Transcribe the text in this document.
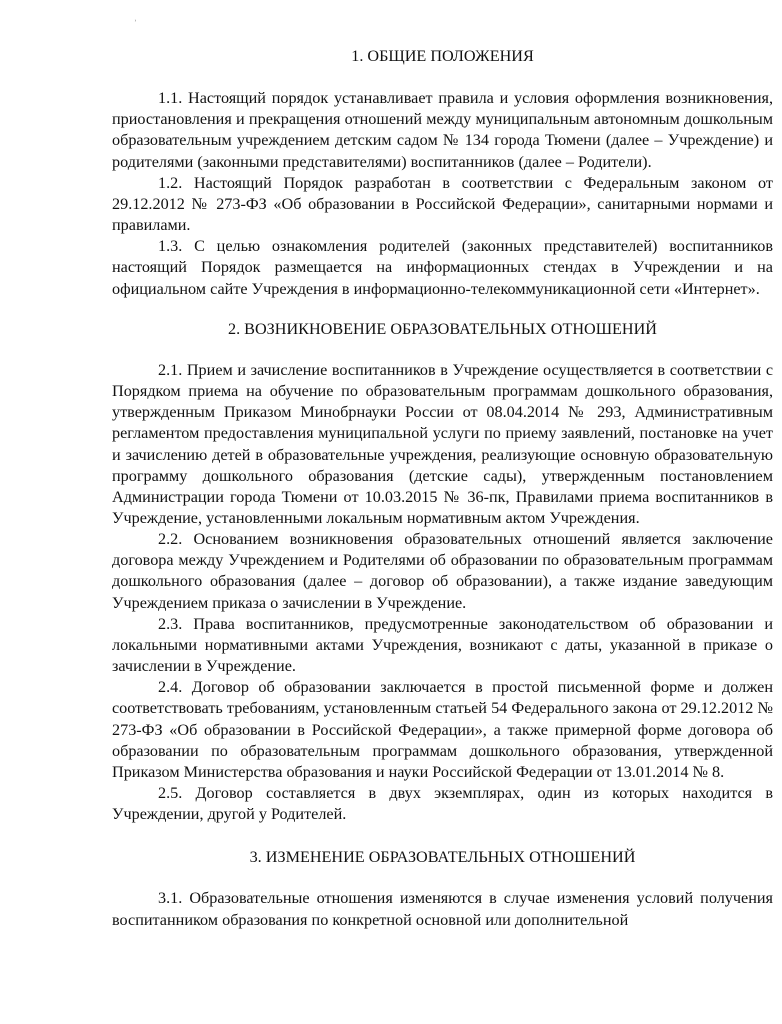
ʾ
1. ОБЩИЕ ПОЛОЖЕНИЯ

1.1. Настоящий порядок устанавливает правила и условия оформления возникновения, приостановления и прекращения отношений между муниципальным автономным дошкольным образовательным учреждением детским садом № 134 города Тюмени (далее – Учреждение) и родителями (законными представителями) воспитанников (далее – Родители).

1.2. Настоящий Порядок разработан в соответствии с Федеральным законом от 29.12.2012 № 273-ФЗ «Об образовании в Российской Федерации», санитарными нормами и правилами.

1.3. С целью ознакомления родителей (законных представителей) воспитанников настоящий Порядок размещается на информационных стендах в Учреждении и на официальном сайте Учреждения в информационно-телекоммуникационной сети «Интернет».

2. ВОЗНИКНОВЕНИЕ ОБРАЗОВАТЕЛЬНЫХ ОТНОШЕНИЙ

2.1. Прием и зачисление воспитанников в Учреждение осуществляется в соответствии с Порядком приема на обучение по образовательным программам дошкольного образования, утвержденным Приказом Минобрнауки России от 08.04.2014 № 293, Административным регламентом предоставления муниципальной услуги по приему заявлений, постановке на учет и зачислению детей в образовательные учреждения, реализующие основную образовательную программу дошкольного образования (детские сады), утвержденным постановлением Администрации города Тюмени от 10.03.2015 № 36-пк, Правилами приема воспитанников в Учреждение, установленными локальным нормативным актом Учреждения.

2.2. Основанием возникновения образовательных отношений является заключение договора между Учреждением и Родителями об образовании по образовательным программам дошкольного образования (далее – договор об образовании), а также издание заведующим Учреждением приказа о зачислении в Учреждение.

2.3. Права воспитанников, предусмотренные законодательством об образовании и локальными нормативными актами Учреждения, возникают с даты, указанной в приказе о зачислении в Учреждение.

2.4. Договор об образовании заключается в простой письменной форме и должен соответствовать требованиям, установленным статьей 54 Федерального закона от 29.12.2012 № 273-ФЗ «Об образовании в Российской Федерации», а также примерной форме договора об образовании по образовательным программам дошкольного образования, утвержденной Приказом Министерства образования и науки Российской Федерации от 13.01.2014 № 8.

2.5. Договор составляется в двух экземплярах, один из которых находится в Учреждении, другой у Родителей.

3. ИЗМЕНЕНИЕ ОБРАЗОВАТЕЛЬНЫХ ОТНОШЕНИЙ

3.1. Образовательные отношения изменяются в случае изменения условий получения воспитанником образования по конкретной основной или дополнительной
